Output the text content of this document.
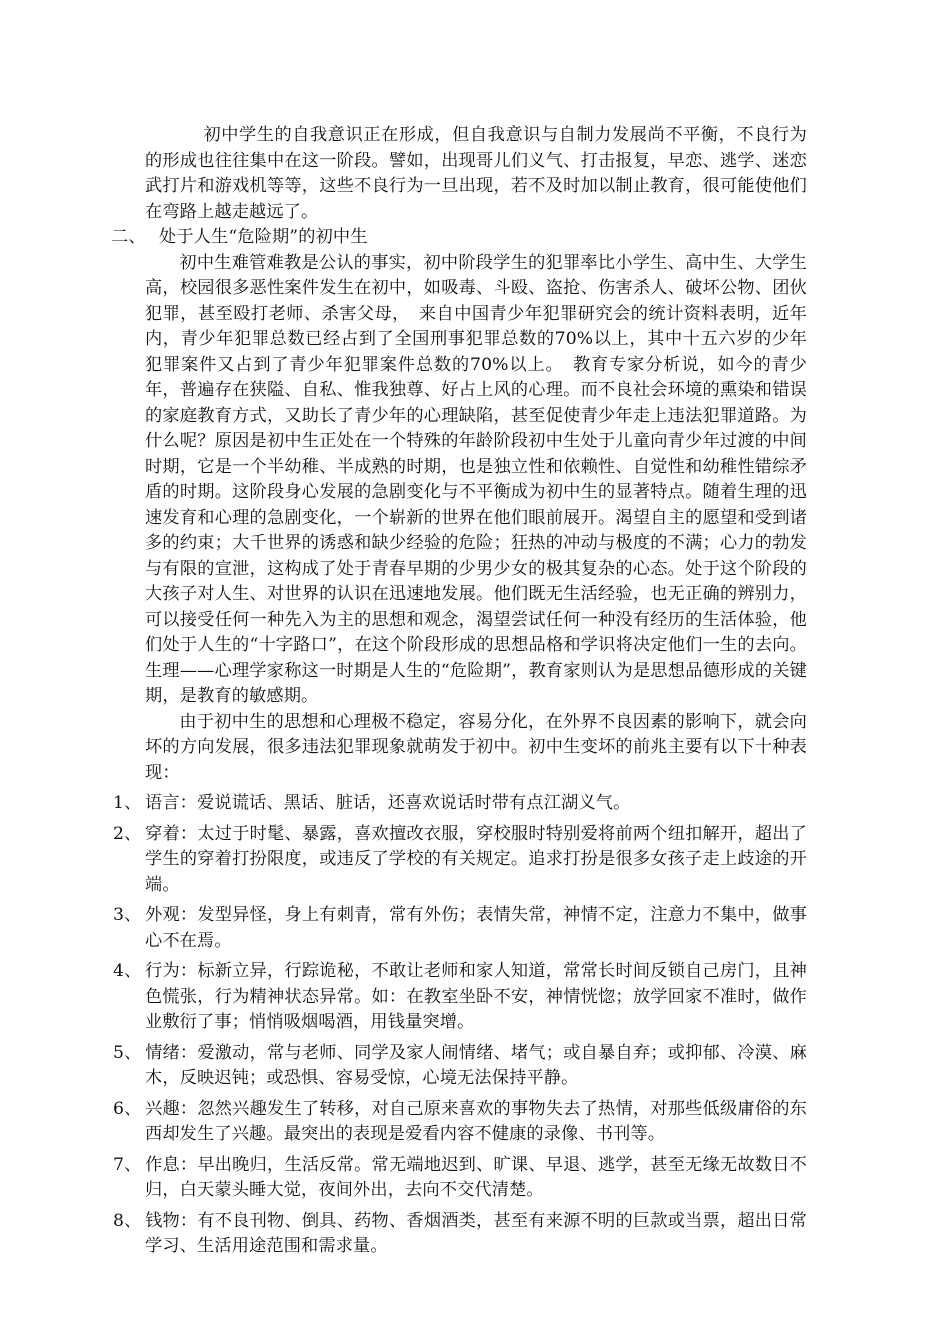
初中学生的自我意识正在形成，但自我意识与自制力发展尚不平衡，不良行为的形成也往往集中在这一阶段。譬如，出现哥儿们义气、打击报复，早恋、逃学、迷恋武打片和游戏机等等，这些不良行为一旦出现，若不及时加以制止教育，很可能使他们在弯路上越走越远了。

二、 处于人生“危险期”的初中生

初中生难管难教是公认的事实，初中阶段学生的犯罪率比小学生、高中生、大学生高，校园很多恶性案件发生在初中，如吸毒、斗殴、盗抢、伤害杀人、破坏公物、团伙犯罪，甚至殴打老师、杀害父母，　来自中国青少年犯罪研究会的统计资料表明，近年内，青少年犯罪总数已经占到了全国刑事犯罪总数的70%以上，其中十五六岁的少年犯罪案件又占到了青少年犯罪案件总数的70%以上。　教育专家分析说，如今的青少年，普遍存在狭隘、自私、惟我独尊、好占上风的心理。而不良社会环境的熏染和错误的家庭教育方式，又助长了青少年的心理缺陷，甚至促使青少年走上违法犯罪道路。为什么呢？原因是初中生正处在一个特殊的年龄阶段初中生处于儿童向青少年过渡的中间时期，它是一个半幼稚、半成熟的时期，也是独立性和依赖性、自觉性和幼稚性错综矛盾的时期。这阶段身心发展的急剧变化与不平衡成为初中生的显著特点。随着生理的迅速发育和心理的急剧变化，一个崭新的世界在他们眼前展开。渴望自主的愿望和受到诸多的约束；大千世界的诱惑和缺少经验的危险；狂热的冲动与极度的不满；心力的勃发与有限的宣泄，这构成了处于青春早期的少男少女的极其复杂的心态。处于这个阶段的大孩子对人生、对世界的认识在迅速地发展。他们既无生活经验，也无正确的辨别力，可以接受任何一种先入为主的思想和观念，渴望尝试任何一种没有经历的生活体验，他们处于人生的“十字路口”，在这个阶段形成的思想品格和学识将决定他们一生的去向。生理——心理学家称这一时期是人生的“危险期”，教育家则认为是思想品德形成的关键期，是教育的敏感期。

由于初中生的思想和心理极不稳定，容易分化，在外界不良因素的影响下，就会向坏的方向发展，很多违法犯罪现象就萌发于初中。初中生变坏的前兆主要有以下十种表现：

1、 语言：爱说谎话、黑话、脏话，还喜欢说话时带有点江湖义气。

2、 穿着：太过于时髦、暴露，喜欢擅改衣服，穿校服时特别爱将前两个纽扣解开，超出了学生的穿着打扮限度，或违反了学校的有关规定。追求打扮是很多女孩子走上歧途的开端。

3、 外观：发型异怪，身上有刺青，常有外伤；表情失常，神情不定，注意力不集中，做事心不在焉。

4、 行为：标新立异，行踪诡秘，不敢让老师和家人知道，常常长时间反锁自己房门，且神色慌张，行为精神状态异常。如：在教室坐卧不安，神情恍惚；放学回家不准时，做作业敷衍了事；悄悄吸烟喝酒，用钱量突增。

5、 情绪：爱激动，常与老师、同学及家人闹情绪、堵气；或自暴自弃；或抑郁、冷漠、麻木，反映迟钝；或恐惧、容易受惊，心境无法保持平静。

6、 兴趣：忽然兴趣发生了转移，对自己原来喜欢的事物失去了热情，对那些低级庸俗的东西却发生了兴趣。最突出的表现是爱看内容不健康的录像、书刊等。

7、 作息：早出晚归，生活反常。常无端地迟到、旷课、早退、逃学，甚至无缘无故数日不归，白天蒙头睡大觉，夜间外出，去向不交代清楚。

8、 钱物：有不良刊物、倒具、药物、香烟酒类，甚至有来源不明的巨款或当票，超出日常学习、生活用途范围和需求量。
